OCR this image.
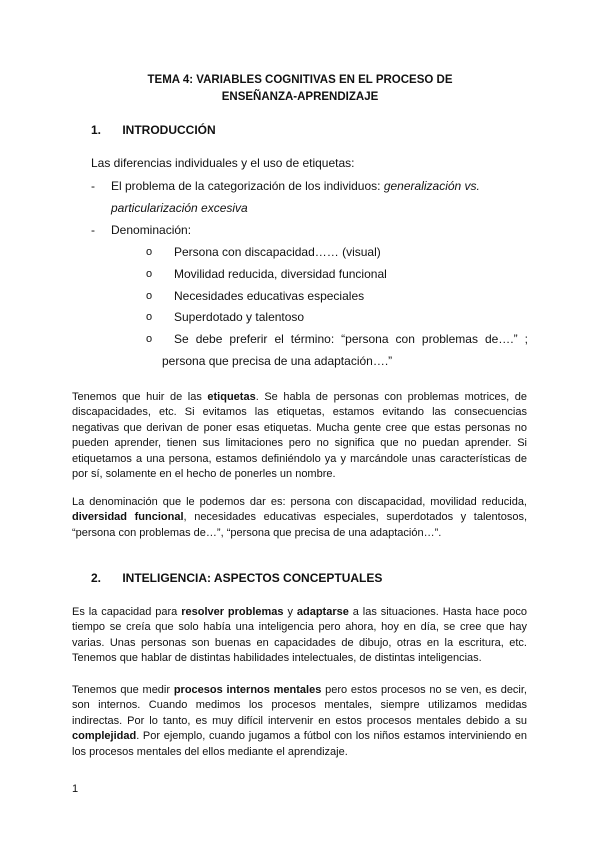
TEMA 4: VARIABLES COGNITIVAS EN EL PROCESO DE
ENSEÑANZA-APRENDIZAJE
1. INTRODUCCIÓN
Las diferencias individuales y el uso de etiquetas:
- El problema de la categorización de los individuos: generalización vs.
particularización excesiva
- Denominación:
o Persona con discapacidad…… (visual)
o Movilidad reducida, diversidad funcional
o Necesidades educativas especiales
o Superdotado y talentoso
o Se debe preferir el término: “persona con problemas de….” ;
persona que precisa de una adaptación….”
Tenemos que huir de las etiquetas. Se habla de personas con problemas motrices, de discapacidades, etc. Si evitamos las etiquetas, estamos evitando las consecuencias negativas que derivan de poner esas etiquetas. Mucha gente cree que estas personas no pueden aprender, tienen sus limitaciones pero no significa que no puedan aprender. Si etiquetamos a una persona, estamos definiéndolo ya y marcándole unas características de por sí, solamente en el hecho de ponerles un nombre.
La denominación que le podemos dar es: persona con discapacidad, movilidad reducida, diversidad funcional, necesidades educativas especiales, superdotados y talentosos, “persona con problemas de…”, “persona que precisa de una adaptación…”.
2. INTELIGENCIA: ASPECTOS CONCEPTUALES
Es la capacidad para resolver problemas y adaptarse a las situaciones. Hasta hace poco tiempo se creía que solo había una inteligencia pero ahora, hoy en día, se cree que hay varias. Unas personas son buenas en capacidades de dibujo, otras en la escritura, etc. Tenemos que hablar de distintas habilidades intelectuales, de distintas inteligencias.
Tenemos que medir procesos internos mentales pero estos procesos no se ven, es decir, son internos. Cuando medimos los procesos mentales, siempre utilizamos medidas indirectas. Por lo tanto, es muy difícil intervenir en estos procesos mentales debido a su complejidad. Por ejemplo, cuando jugamos a fútbol con los niños estamos interviniendo en los procesos mentales del ellos mediante el aprendizaje.
1
